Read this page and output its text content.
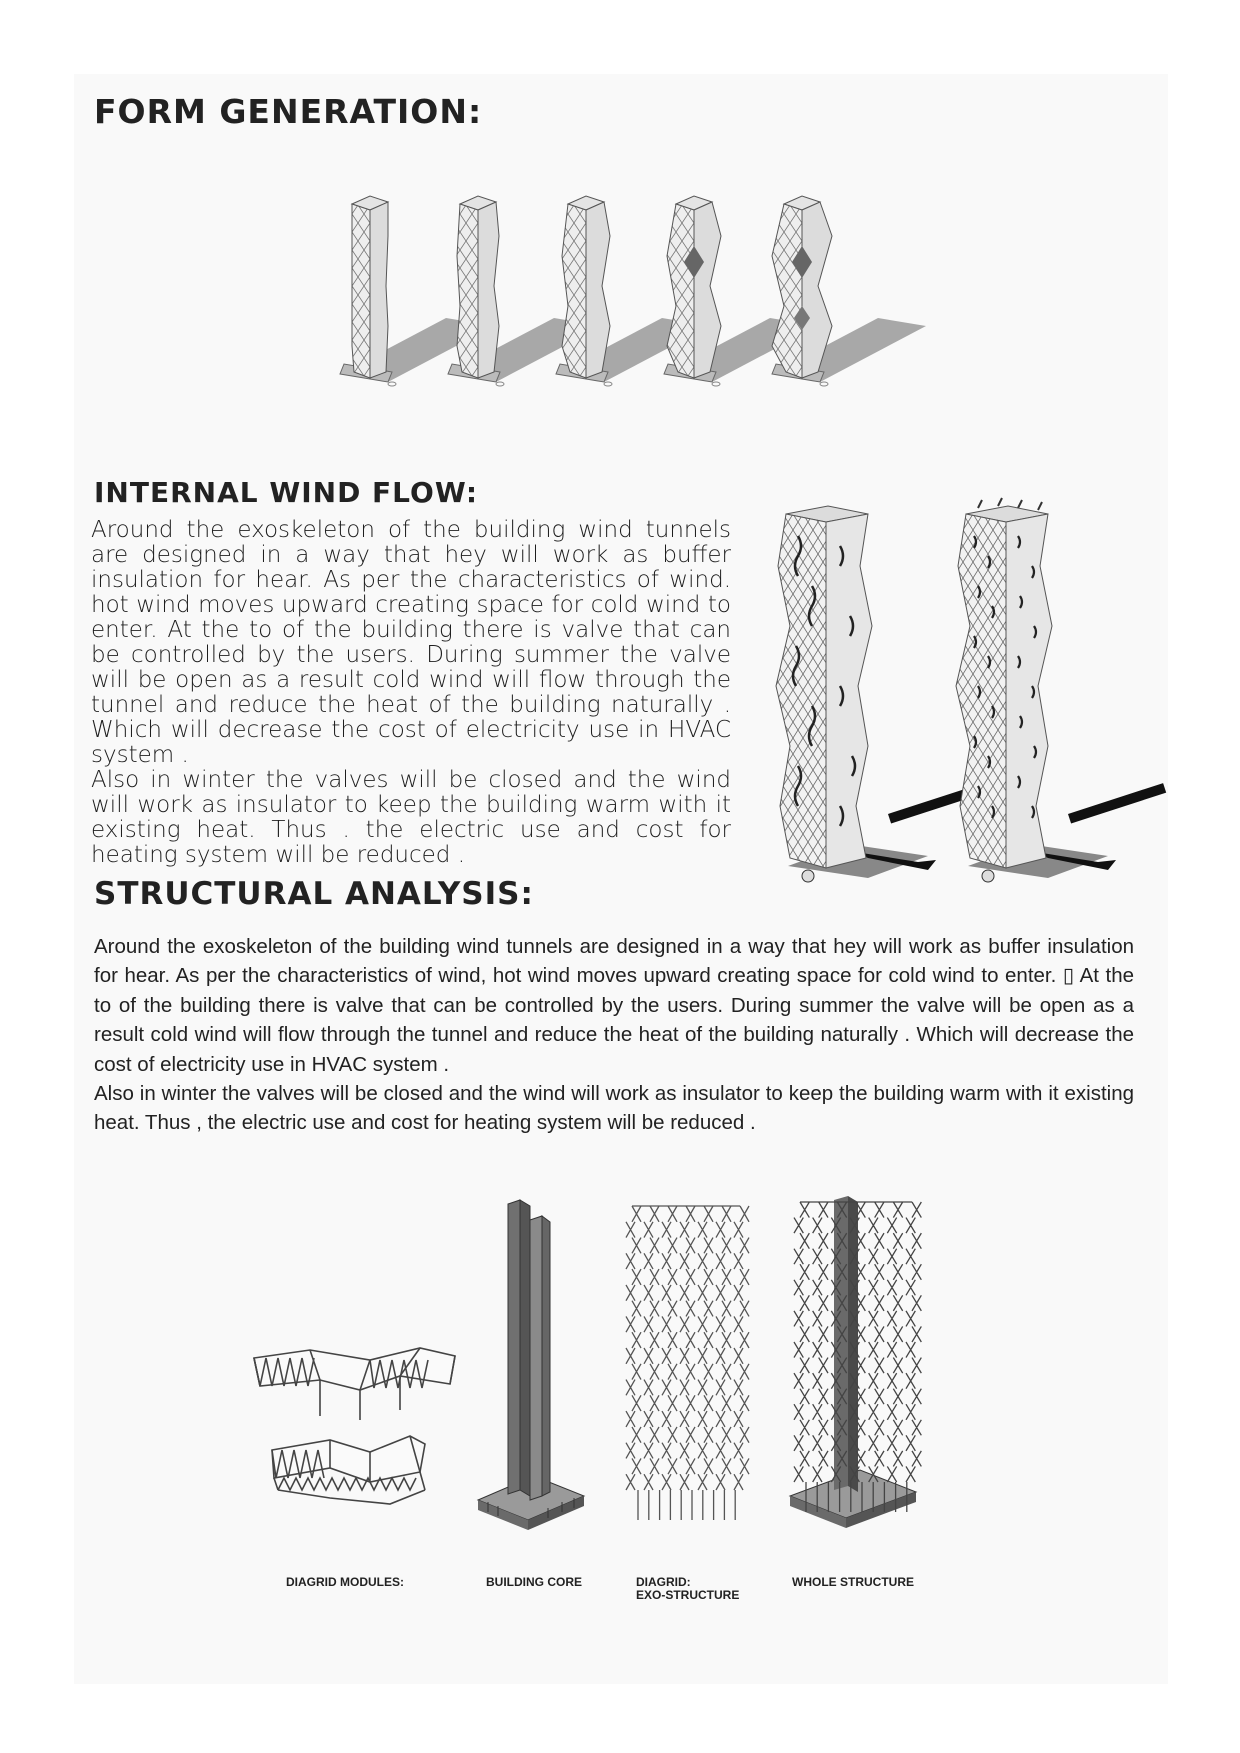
FORM GENERATION:
INTERNAL WIND FLOW:

Around the exoskeleton of the building wind tunnels are designed in a way that hey will work as buffer insulation for hear. As per the characteristics of wind. hot wind moves upward creating space for cold wind to enter. At the to of the building there is valve that can be controlled by the users. During summer the valve will be open as a result cold wind will flow through the tunnel and reduce the heat of the building naturally . Which will decrease the cost of electricity use in HVAC system .

Also in winter the valves will be closed and the wind will work as insulator to keep the building warm with it existing heat. Thus . the electric use and cost for heating system will be reduced .

STRUCTURAL ANALYSIS:

Around the exoskeleton of the building wind tunnels are designed in a way that hey will work as buffer insulation for hear. As per the characteristics of wind, hot wind moves upward creating space for cold wind to enter. ▯ At the to of the building there is valve that can be controlled by the users. During summer the valve will be open as a result cold wind will flow through the tunnel and reduce the heat of the building naturally . Which will decrease the cost of electricity use in HVAC system .

Also in winter the valves will be closed and the wind will work as insulator to keep the building warm with it existing heat. Thus , the electric use and cost for heating system will be reduced .

DIAGRID MODULES:	BUILDING CORE	DIAGRID:
EXO-STRUCTURE
WHOLE STRUCTURE
